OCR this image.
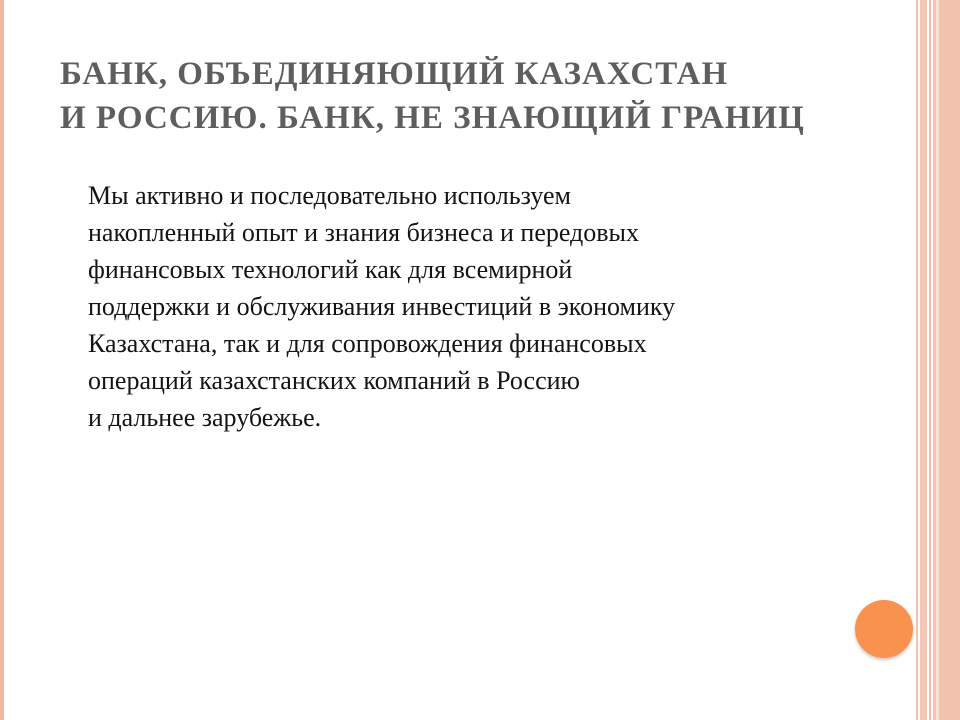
БАНК, ОБЪЕДИНЯЮЩИЙ КАЗАХСТАН
И РОССИЮ. БАНК, НЕ ЗНАЮЩИЙ ГРАНИЦ

Мы активно и последовательно используем
накопленный опыт и знания бизнеса и передовых
финансовых технологий как для всемирной
поддержки и обслуживания инвестиций в экономику
Казахстана, так и для сопровождения финансовых
операций казахстанских компаний в Россию
и дальнее зарубежье.
